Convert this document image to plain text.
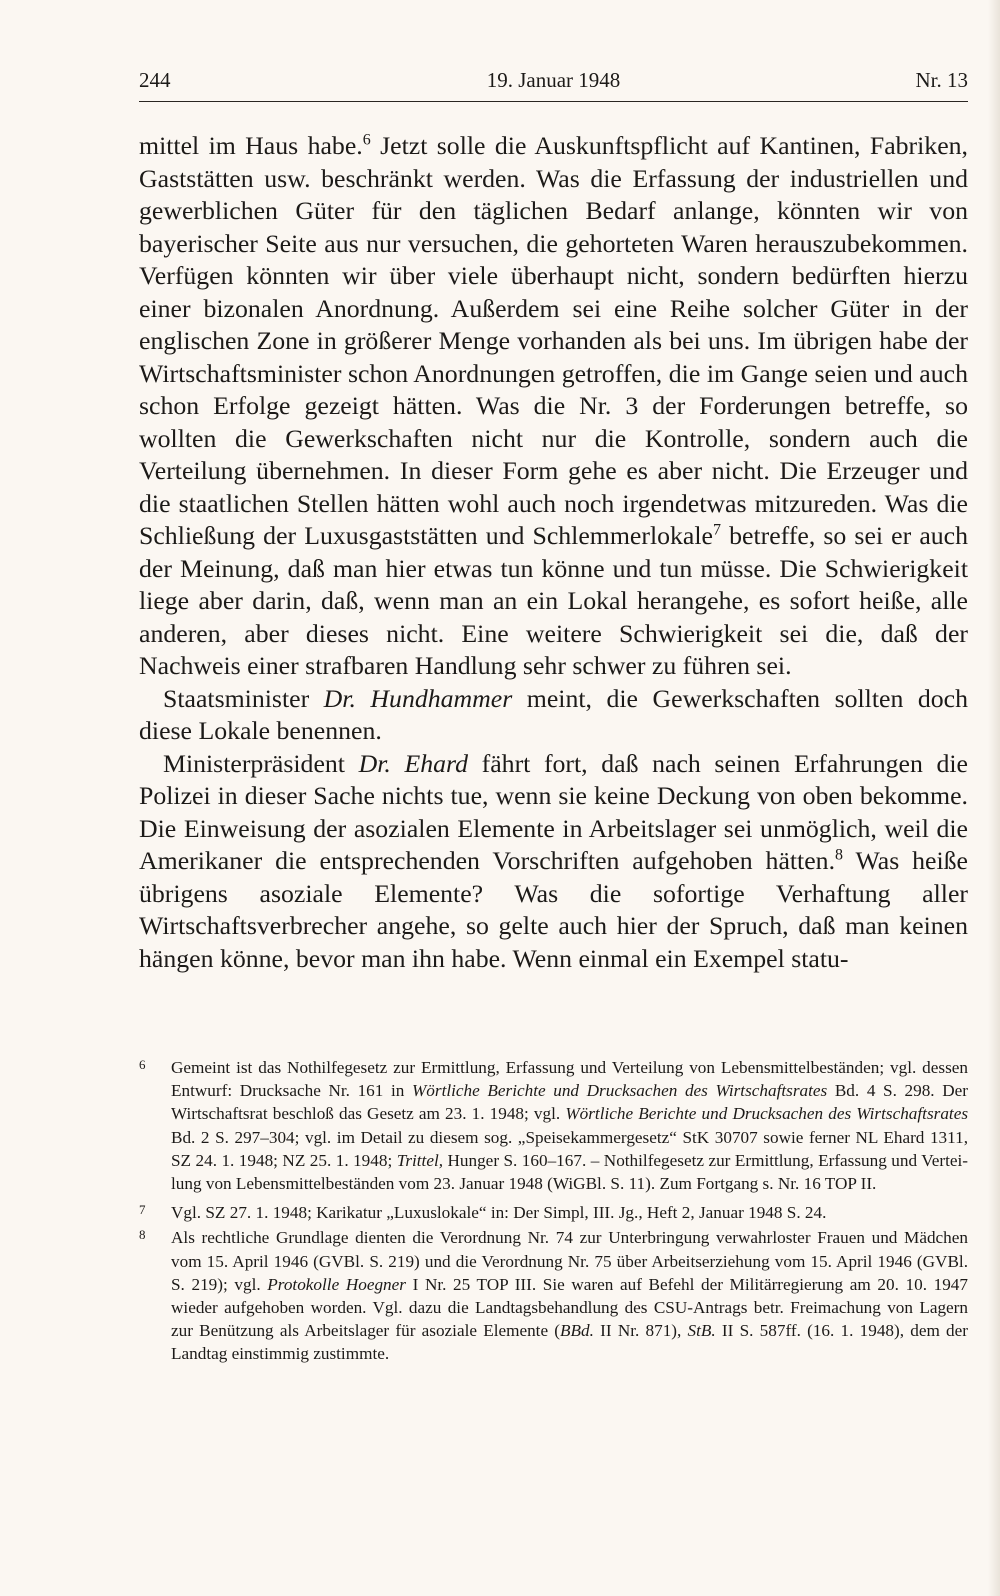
244	19. Januar 1948	Nr. 13

mittel im Haus habe.$^6$ Jetzt solle die Auskunftspflicht auf Kantinen, Fabriken, Gaststätten usw. beschränkt werden. Was die Erfassung der industriellen und gewerblichen Güter für den täglichen Bedarf anlange, könnten wir von bayerischer Seite aus nur versuchen, die gehorteten Waren herauszubekommen. Verfügen könnten wir über viele überhaupt nicht, sondern bedürften hierzu einer bizonalen Anordnung. Außerdem sei eine Reihe solcher Güter in der englischen Zone in größerer Menge vorhanden als bei uns. Im übrigen habe der Wirtschaftsminister schon Anordnungen getroffen, die im Gange seien und auch schon Erfolge gezeigt hätten. Was die Nr. 3 der Forderungen betreffe, so wollten die Gewerkschaften nicht nur die Kontrolle, sondern auch die Verteilung übernehmen. In dieser Form gehe es aber nicht. Die Erzeuger und die staatlichen Stellen hätten wohl auch noch irgendetwas mitzureden. Was die Schließung der Luxusgaststätten und Schlemmerlokale$^7$ betreffe, so sei er auch der Meinung, daß man hier etwas tun könne und tun müsse. Die Schwierigkeit liege aber darin, daß, wenn man an ein Lokal herangehe, es sofort heiße, alle anderen, aber dieses nicht. Eine weitere Schwierigkeit sei die, daß der Nachweis einer strafbaren Handlung sehr schwer zu führen sei.

Staatsminister Dr. Hundhammer meint, die Gewerkschaften sollten doch diese Lokale benennen.

Ministerpräsident Dr. Ehard fährt fort, daß nach seinen Erfahrungen die Polizei in dieser Sache nichts tue, wenn sie keine Deckung von oben bekomme. Die Einweisung der asozialen Elemente in Arbeitslager sei unmöglich, weil die Amerikaner die entsprechenden Vorschriften aufgehoben hätten.$^8$ Was heiße übrigens asoziale Elemente? Was die sofortige Verhaftung aller Wirtschaftsverbrecher angehe, so gelte auch hier der Spruch, daß man keinen hängen könne, bevor man ihn habe. Wenn einmal ein Exempel statu-

6 Gemeint ist das Nothilfegesetz zur Ermittlung, Erfassung und Verteilung von Lebensmittelbeständen; vgl. dessen Entwurf: Drucksache Nr. 161 in Wörtliche Berichte und Drucksachen des Wirtschaftsrates Bd. 4 S. 298. Der Wirtschaftsrat beschloß das Gesetz am 23. 1. 1948; vgl. Wörtliche Berichte und Drucksachen des Wirtschaftsrates Bd. 2 S. 297–304; vgl. im Detail zu diesem sog. „Speisekammergesetz“ StK 30707 sowie ferner NL Ehard 1311, SZ 24. 1. 1948; NZ 25. 1. 1948; Trittel, Hunger S. 160–167. – Nothilfegesetz zur Ermittlung, Erfassung und Verteilung von Lebensmittelbeständen vom 23. Januar 1948 (WiGBl. S. 11). Zum Fortgang s. Nr. 16 TOP II.

7 Vgl. SZ 27. 1. 1948; Karikatur „Luxuslokale“ in: Der Simpl, III. Jg., Heft 2, Januar 1948 S. 24.

8 Als rechtliche Grundlage dienten die Verordnung Nr. 74 zur Unterbringung verwahrloster Frauen und Mädchen vom 15. April 1946 (GVBl. S. 219) und die Verordnung Nr. 75 über Arbeitserziehung vom 15. April 1946 (GVBl. S. 219); vgl. Protokolle Hoegner I Nr. 25 TOP III. Sie waren auf Befehl der Militärregierung am 20. 10. 1947 wieder aufgehoben worden. Vgl. dazu die Landtagsbehandlung des CSU-Antrags betr. Freimachung von Lagern zur Benützung als Arbeitslager für asoziale Elemente (BBd. II Nr. 871), StB. II S. 587ff. (16. 1. 1948), dem der Landtag einstimmig zustimmte.
